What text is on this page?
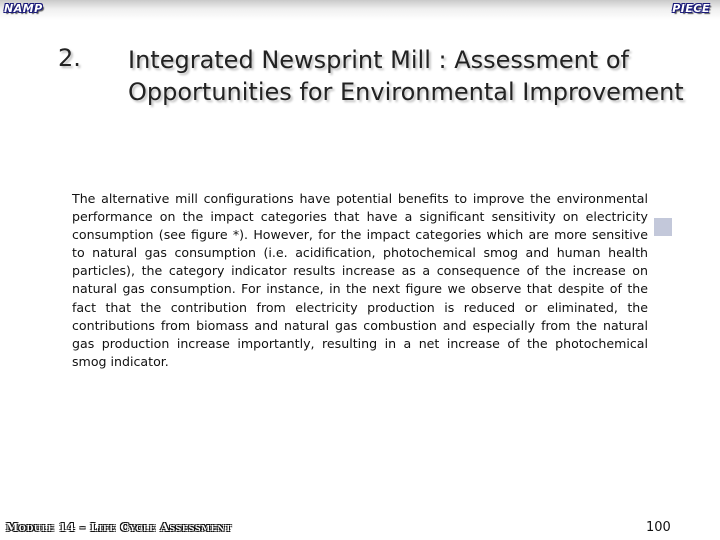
NAMP	PIECE
2. Integrated Newsprint Mill : Assessment of Opportunities for Environmental Improvement
The alternative mill configurations have potential benefits to improve the environmental performance on the impact categories that have a significant sensitivity on electricity consumption (see figure *). However, for the impact categories which are more sensitive to natural gas consumption (i.e. acidification, photochemical smog and human health particles), the category indicator results increase as a consequence of the increase on natural gas consumption. For instance, in the next figure we observe that despite of the fact that the contribution from electricity production is reduced or eliminated, the contributions from biomass and natural gas combustion and especially from the natural gas production increase importantly, resulting in a net increase of the photochemical smog indicator.
Module 14 – Life Cycle Assessment	100
